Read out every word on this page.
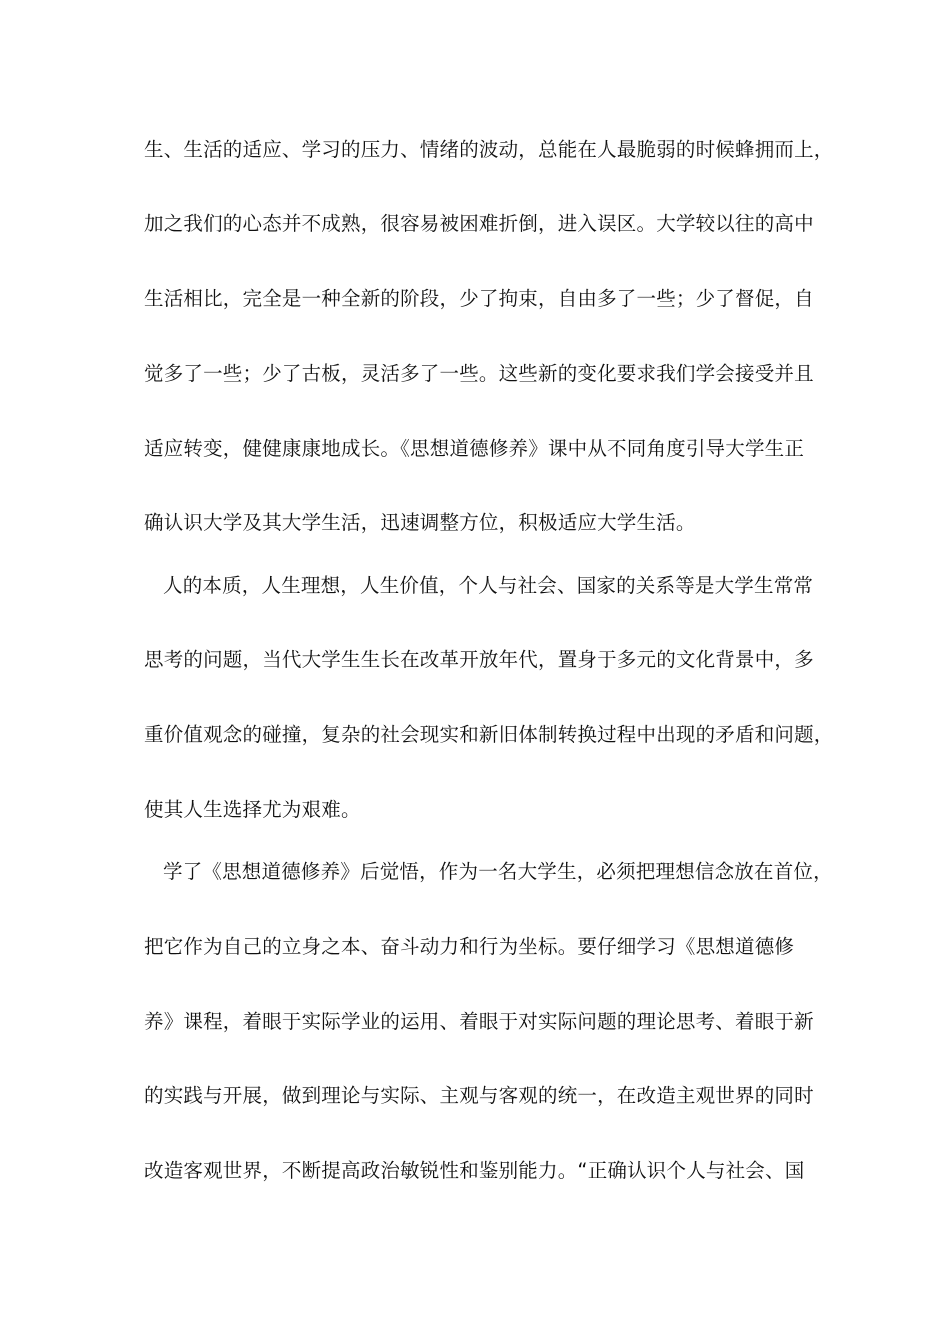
生、生活的适应、学习的压力、情绪的波动，总能在人最脆弱的时候蜂拥而上，
加之我们的心态并不成熟，很容易被困难折倒，进入误区。大学较以往的高中
生活相比，完全是一种全新的阶段，少了拘束，自由多了一些；少了督促，自
觉多了一些；少了古板，灵活多了一些。这些新的变化要求我们学会接受并且
适应转变，健健康康地成长。《思想道德修养》课中从不同角度引导大学生正
确认识大学及其大学生活，迅速调整方位，积极适应大学生活。
人的本质，人生理想，人生价值，个人与社会、国家的关系等是大学生常常
思考的问题，当代大学生生长在改革开放年代，置身于多元的文化背景中，多
重价值观念的碰撞，复杂的社会现实和新旧体制转换过程中出现的矛盾和问题，
使其人生选择尤为艰难。
学了《思想道德修养》后觉悟，作为一名大学生，必须把理想信念放在首位，
把它作为自己的立身之本、奋斗动力和行为坐标。要仔细学习《思想道德修
养》课程，着眼于实际学业的运用、着眼于对实际问题的理论思考、着眼于新
的实践与开展，做到理论与实际、主观与客观的统一，在改造主观世界的同时
改造客观世界，不断提高政治敏锐性和鉴别能力。“正确认识个人与社会、国
